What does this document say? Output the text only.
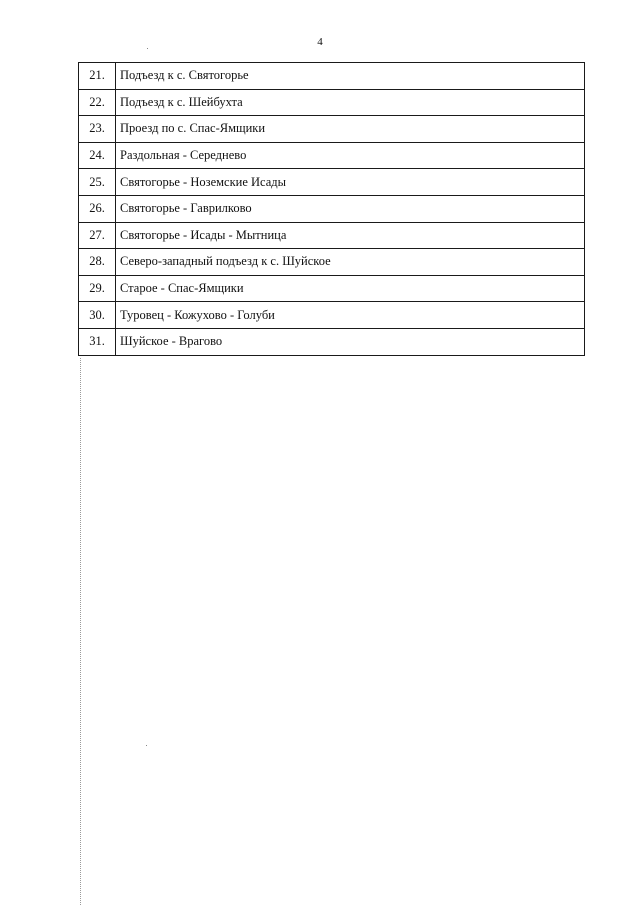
4
21.	Подъезд к с. Святогорье
22.	Подъезд к с. Шейбухта
23.	Проезд по с. Спас-Ямщики
24.	Раздольная - Середнево
25.	Святогорье - Ноземские Исады
26.	Святогорье - Гаврилково
27.	Святогорье - Исады - Мытница
28.	Северо-западный подъезд к с. Шуйское
29.	Старое - Спас-Ямщики
30.	Туровец - Кожухово - Голуби
31.	Шуйское - Врагово
